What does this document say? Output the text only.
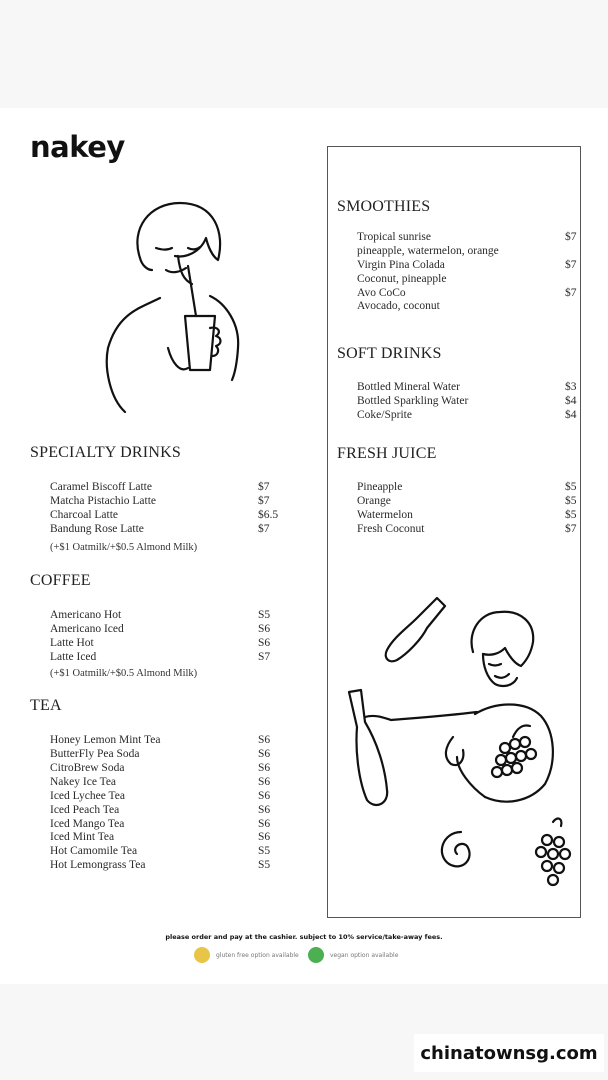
nakey
SPECIALTY DRINKS
Caramel Biscoff Latte	$7
Matcha Pistachio Latte	$7
Charcoal Latte	$6.5
Bandung Rose Latte	$7
(+$1 Oatmilk/+$0.5 Almond Milk)
COFFEE
Americano Hot	S5
Americano Iced	S6
Latte Hot	S6
Latte Iced	S7
(+$1 Oatmilk/+$0.5 Almond Milk)
TEA
Honey Lemon Mint Tea	S6
ButterFly Pea Soda	S6
CitroBrew Soda	S6
Nakey Ice Tea	S6
Iced Lychee Tea	S6
Iced Peach Tea	S6
Iced Mango Tea	S6
Iced Mint Tea	S6
Hot Camomile Tea	S5
Hot Lemongrass Tea	S5
SMOOTHIES
Tropical sunrise	$7
pineapple, watermelon, orange
Virgin Pina Colada	$7
Coconut, pineapple
Avo CoCo	$7
Avocado, coconut
SOFT DRINKS
Bottled Mineral Water	$3
Bottled Sparkling Water	$4
Coke/Sprite	$4
FRESH JUICE
Pineapple	$5
Orange	$5
Watermelon	$5
Fresh Coconut	$7
please order and pay at the cashier. subject to 10% service/take-away fees.
gluten free option available	vegan option available
chinatownsg.com
